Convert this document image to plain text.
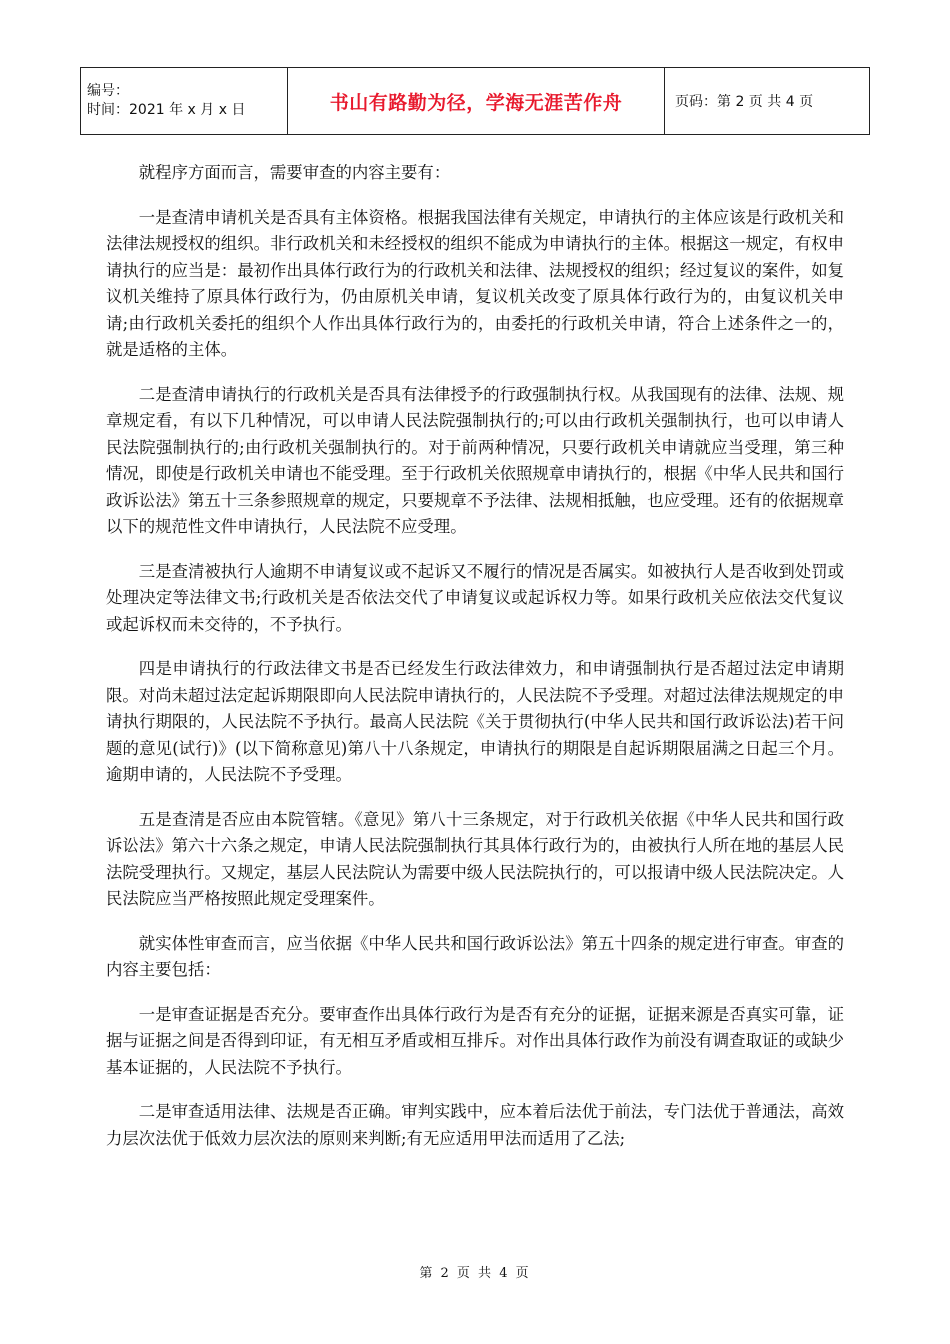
编号：
时间：2021 年 x 月 x 日	书山有路勤为径，学海无涯苦作舟	页码：第 2 页 共 4 页

就程序方面而言，需要审查的内容主要有：

一是查清申请机关是否具有主体资格。根据我国法律有关规定，申请执行的主体应该是行政机关和法律法规授权的组织。非行政机关和未经授权的组织不能成为申请执行的主体。根据这一规定，有权申请执行的应当是：最初作出具体行政行为的行政机关和法律、法规授权的组织；经过复议的案件，如复议机关维持了原具体行政行为，仍由原机关申请，复议机关改变了原具体行政行为的，由复议机关申请;由行政机关委托的组织个人作出具体行政行为的，由委托的行政机关申请，符合上述条件之一的，就是适格的主体。

二是查清申请执行的行政机关是否具有法律授予的行政强制执行权。从我国现有的法律、法规、规章规定看，有以下几种情况，可以申请人民法院强制执行的;可以由行政机关强制执行，也可以申请人民法院强制执行的;由行政机关强制执行的。对于前两种情况，只要行政机关申请就应当受理，第三种情况，即使是行政机关申请也不能受理。至于行政机关依照规章申请执行的，根据《中华人民共和国行政诉讼法》第五十三条参照规章的规定，只要规章不予法律、法规相抵触，也应受理。还有的依据规章以下的规范性文件申请执行，人民法院不应受理。

三是查清被执行人逾期不申请复议或不起诉又不履行的情况是否属实。如被执行人是否收到处罚或处理决定等法律文书;行政机关是否依法交代了申请复议或起诉权力等。如果行政机关应依法交代复议或起诉权而未交待的，不予执行。

四是申请执行的行政法律文书是否已经发生行政法律效力，和申请强制执行是否超过法定申请期限。对尚未超过法定起诉期限即向人民法院申请执行的，人民法院不予受理。对超过法律法规规定的申请执行期限的，人民法院不予执行。最高人民法院《关于贯彻执行(中华人民共和国行政诉讼法)若干问题的意见(试行)》(以下简称意见)第八十八条规定，申请执行的期限是自起诉期限届满之日起三个月。逾期申请的，人民法院不予受理。

五是查清是否应由本院管辖。《意见》第八十三条规定，对于行政机关依据《中华人民共和国行政诉讼法》第六十六条之规定，申请人民法院强制执行其具体行政行为的，由被执行人所在地的基层人民法院受理执行。又规定，基层人民法院认为需要中级人民法院执行的，可以报请中级人民法院决定。人民法院应当严格按照此规定受理案件。

就实体性审查而言，应当依据《中华人民共和国行政诉讼法》第五十四条的规定进行审查。审查的内容主要包括：

一是审查证据是否充分。要审查作出具体行政行为是否有充分的证据，证据来源是否真实可靠，证据与证据之间是否得到印证，有无相互矛盾或相互排斥。对作出具体行政作为前没有调查取证的或缺少基本证据的，人民法院不予执行。

二是审查适用法律、法规是否正确。审判实践中，应本着后法优于前法，专门法优于普通法，高效力层次法优于低效力层次法的原则来判断;有无应适用甲法而适用了乙法;

第 2 页 共 4 页
